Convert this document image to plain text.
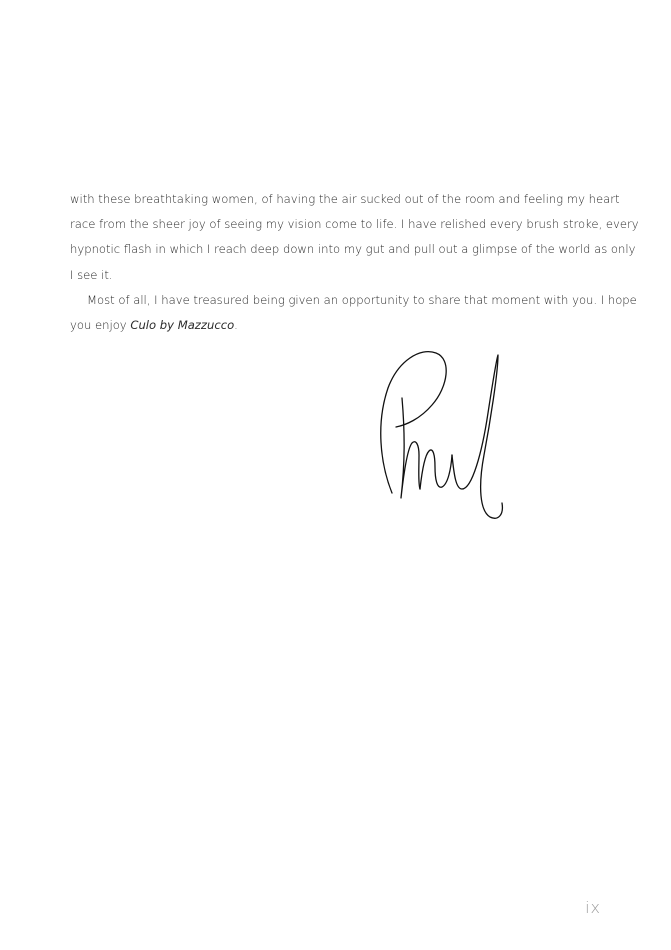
with these breathtaking women, of having the air sucked out of the room and feeling my heart
race from the sheer joy of seeing my vision come to life. I have relished every brush stroke, every
hypnotic flash in which I reach deep down into my gut and pull out a glimpse of the world as only
I see it.
Most of all, I have treasured being given an opportunity to share that moment with you. I hope
you enjoy Culo by Mazzucco.
ix
